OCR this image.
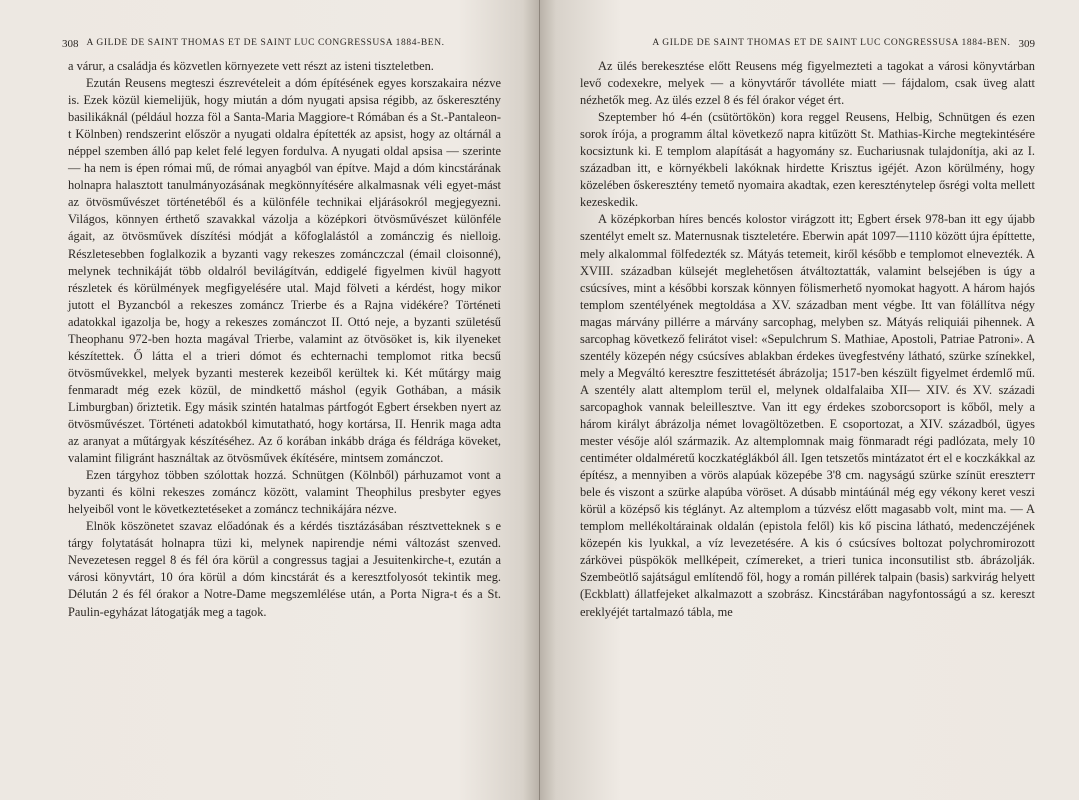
308 A GILDE DE SAINT THOMAS ET DE SAINT LUC CONGRESSUSA 1884-BEN.

a várur, a családja és közvetlen környezete vett részt az isteni tiszteletben.

Ezután Reusens megteszi észrevételeit a dóm építésének egyes korszakaira nézve is. Ezek közül kiemelijük, hogy miután a dóm nyugati apsisa régibb, az őskeresztény basilikáknál (például hozza föl a Santa-Maria Maggiore-t Rómában és a St.-Pantaleon-t Kölnben) rendszerint először a nyugati oldalra építették az apsist, hogy az oltárnál a néppel szemben álló pap kelet felé legyen fordulva. A nyugati oldal apsisa — szerinte — ha nem is épen római mű, de római anyagból van építve. Majd a dóm kincstárának holnapra halasztott tanulmányozásának megkönnyítésére alkalmasnak véli egyet-mást az ötvösművészet történetéből és a különféle technikai eljárásokról megjegyezni. Világos, könnyen érthető szavakkal vázolja a középkori ötvösművészet különféle ágait, az ötvösművek díszítési módját a kőfoglalástól a zománczig és nielloig. Részletesebben foglalkozik a byzanti vagy rekeszes zománczczal (émail cloisonné), melynek technikáját több oldalról bevilágítván, eddigelé figyelmen kivül hagyott részletek és körülmények megfigyelésére utal. Majd fölveti a kérdést, hogy mikor jutott el Byzancból a rekeszes zománcz Trierbe és a Rajna vidékére? Történeti adatokkal igazolja be, hogy a rekeszes zománczot II. Ottó neje, a byzanti születésű Theophanu 972-ben hozta magával Trierbe, valamint az ötvösöket is, kik ilyeneket készítettek. Ő látta el a trieri dómot és echternachi templomot ritka becsű ötvösművekkel, melyek byzanti mesterek kezeiből kerültek ki. Két műtárgy maig fenmaradt még ezek közül, de mindkettő máshol (egyik Gothában, a másik Limburgban) őriztetik. Egy másik szintén hatalmas pártfogót Egbert érsekben nyert az ötvösművészet. Történeti adatokból kimutatható, hogy kortársa, II. Henrik maga adta az aranyat a műtárgyak készítéséhez. Az ő korában inkább drága és féldrága köveket, valamint filigránt használtak az ötvösművek ékítésére, mintsem zománczot.

Ezen tárgyhoz többen szólottak hozzá. Schnütgen (Kölnből) párhuzamot vont a byzanti és kölni rekeszes zománcz között, valamint Theophilus presbyter egyes helyeiből vont le következtetéseket a zománcz technikájára nézve.

Elnök köszönetet szavaz előadónak és a kérdés tisztázásában résztvetteknek s e tárgy folytatását holnapra tüzi ki, melynek napirendje némi változást szenved. Nevezetesen reggel 8 és fél óra körül a congressus tagjai a Jesuitenkirche-t, ezután a városi könyvtárt, 10 óra körül a dóm kincstárát és a keresztfolyosót tekintik meg. Délután 2 és fél órakor a Notre-Dame megszemlélése után, a Porta Nigra-t és a St. Paulin-egyházat látogatják meg a tagok.

A GILDE DE SAINT THOMAS ET DE SAINT LUC CONGRESSUSA 1884-BEN. 309

Az ülés berekesztése előtt Reusens még figyelmezteti a tagokat a városi könyvtárban levő codexekre, melyek — a könyvtárőr távolléte miatt — fájdalom, csak üveg alatt nézhetők meg. Az ülés ezzel 8 és fél órakor véget ért.

Szeptember hó 4-én (csütörtökön) kora reggel Reusens, Helbig, Schnütgen és ezen sorok írója, a programm által következő napra kitűzött St. Mathias-Kirche megtekintésére kocsiztunk ki. E templom alapítását a hagyomány sz. Euchariusnak tulajdonítja, aki az I. században itt, e környékbeli lakóknak hirdette Krisztus igéjét. Azon körülmény, hogy közelében őskeresztény temető nyomaira akadtak, ezen keresztényteleр ősrégi volta mellett kezeskedik.

A középkorban híres bencés kolostor virágzott itt; Egbert érsek 978-ban itt egy újabb szentélyt emelt sz. Maternusnak tiszteletére. Eberwin apát 1097—1110 között újra építtette, mely alkalommal fölfedezték sz. Mátyás tetemeit, kiről később e templomot elnevezték. A XVIII. században külsejét meglehetősen átváltoztatták, valamint belsejében is úgy a csúcsíves, mint a későbbi korszak könnyen fölismerhető nyomokat hagyott. A három hajós templom szentélyének megtoldása a XV. században ment végbe. Itt van fölállítva négy magas márvány pillérre a márvány sarcophag, melyben sz. Mátyás reliquiái pihennek. A sarcophag következő felirátot visel: «Sepulchrum S. Mathiae, Apostoli, Patriae Patroni». A szentély közepén négy csúcsíves ablakban érdekes üvegfestvény látható, szürke színekkel, mely a Megváltó keresztre feszittetését ábrázolja; 1517-ben készült figyelmet érdemlő mű. A szentély alatt altemplom terül el, melynek oldalfalaiba XII— XIV. és XV. századi sarcopaghok vannak beleillesztve. Van itt egy érdekes szoborcsoport is kőből, mely a három királyt ábrázolja német lovagöltözetben. E csoportozat, a XIV. századból, ügyes mester vésője alól származik. Az altemplomnak maig fönmaradt régi padlózata, mely 10 centiméter oldalméretű koczkatéglákból áll. Igen tetszetős mintázatot ért el e koczkákkal az építész, a mennyiben a vörös alapúak közepébe 3'8 cm. nagyságú szürke színüt ereszteтт bele és viszont a szürke alapúba vöröset. A dúsabb mintáúnál még egy vékony keret veszi körül a középső kis téglányt. Az altemplom a túzvész előtt magasabb volt, mint ma. — A templom mellékoltárainak oldalán (epistola felől) kis kő piscina látható, medenczéjének közepén kis lyukkal, a víz levezetésére. A kis ó csúcsíves boltozat polychromirozott zárkövei püspökök mellképeit, czímereket, a trieri tunica inconsutilist stb. ábrázolják. Szembeötlő sajátságul említendő föl, hogy a román pillérek talpain (basis) sarkvirág helyett (Eckblatt) állatfejeket alkalmazott a szobrász. Kincstárában nagyfontosságú a sz. kereszt ereklyéjét tartalmazó tábla, me
